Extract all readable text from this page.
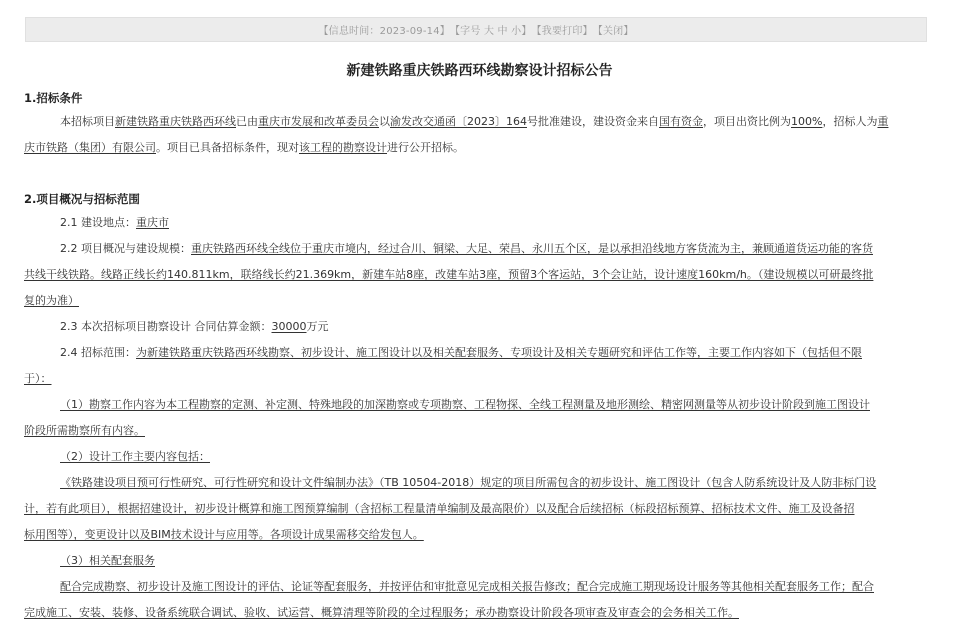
【信息时间：2023-09-14】 【字号
大
中
小 】 【我要打印】 【关闭】
新建铁路重庆铁路西环线勘察设计招标公告
1.招标条件
本招标项目新建铁路重庆铁路西环线已由重庆市发展和改革委员会以渝发改交通函〔2023〕164号批准建设，建设资金来自国有资金，项目出资比例为100%，招标人为重
庆市铁路（集团）有限公司。项目已具备招标条件，现对该工程的勘察设计进行公开招标。
2.项目概况与招标范围
2.1 建设地点：重庆市
2.2 项目概况与建设规模：重庆铁路西环线全线位于重庆市境内，经过合川、铜梁、大足、荣昌、永川五个区，是以承担沿线地方客货流为主，兼顾通道货运功能的客货
共线干线铁路。线路正线长约140.811km，联络线长约21.369km，新建车站8座，改建车站3座，预留3个客运站，3个会让站，设计速度160km/h。（建设规模以可研最终批
复的为准）
2.3 本次招标项目勘察设计 合同估算金额：30000万元
2.4 招标范围：为新建铁路重庆铁路西环线勘察、初步设计、施工图设计以及相关配套服务、专项设计及相关专题研究和评估工作等，主要工作内容如下（包括但不限
于）：
（1）勘察工作内容为本工程勘察的定测、补定测、特殊地段的加深勘察或专项勘察、工程物探、全线工程测量及地形测绘、精密网测量等从初步设计阶段到施工图设计
阶段所需勘察所有内容。
（2）设计工作主要内容包括：
《铁路建设项目预可行性研究、可行性研究和设计文件编制办法》（TB 10504-2018）规定的项目所需包含的初步设计、施工图设计（包含人防系统设计及人防非标门设
计，若有此项目），根据招建设计，初步设计概算和施工图预算编制（含招标工程量清单编制及最高限价）以及配合后续招标（标段招标预算、招标技术文件、施工及设备招
标用图等），变更设计以及BIM技术设计与应用等。各项设计成果需移交给发包人。
（3）相关配套服务
配合完成勘察、初步设计及施工图设计的评估、论证等配套服务，并按评估和审批意见完成相关报告修改；配合完成施工期现场设计服务等其他相关配套服务工作；配合
完成施工、安装、装修、设备系统联合调试、验收、试运营、概算清理等阶段的全过程服务；承办勘察设计阶段各项审查及审查会的会务相关工作。
